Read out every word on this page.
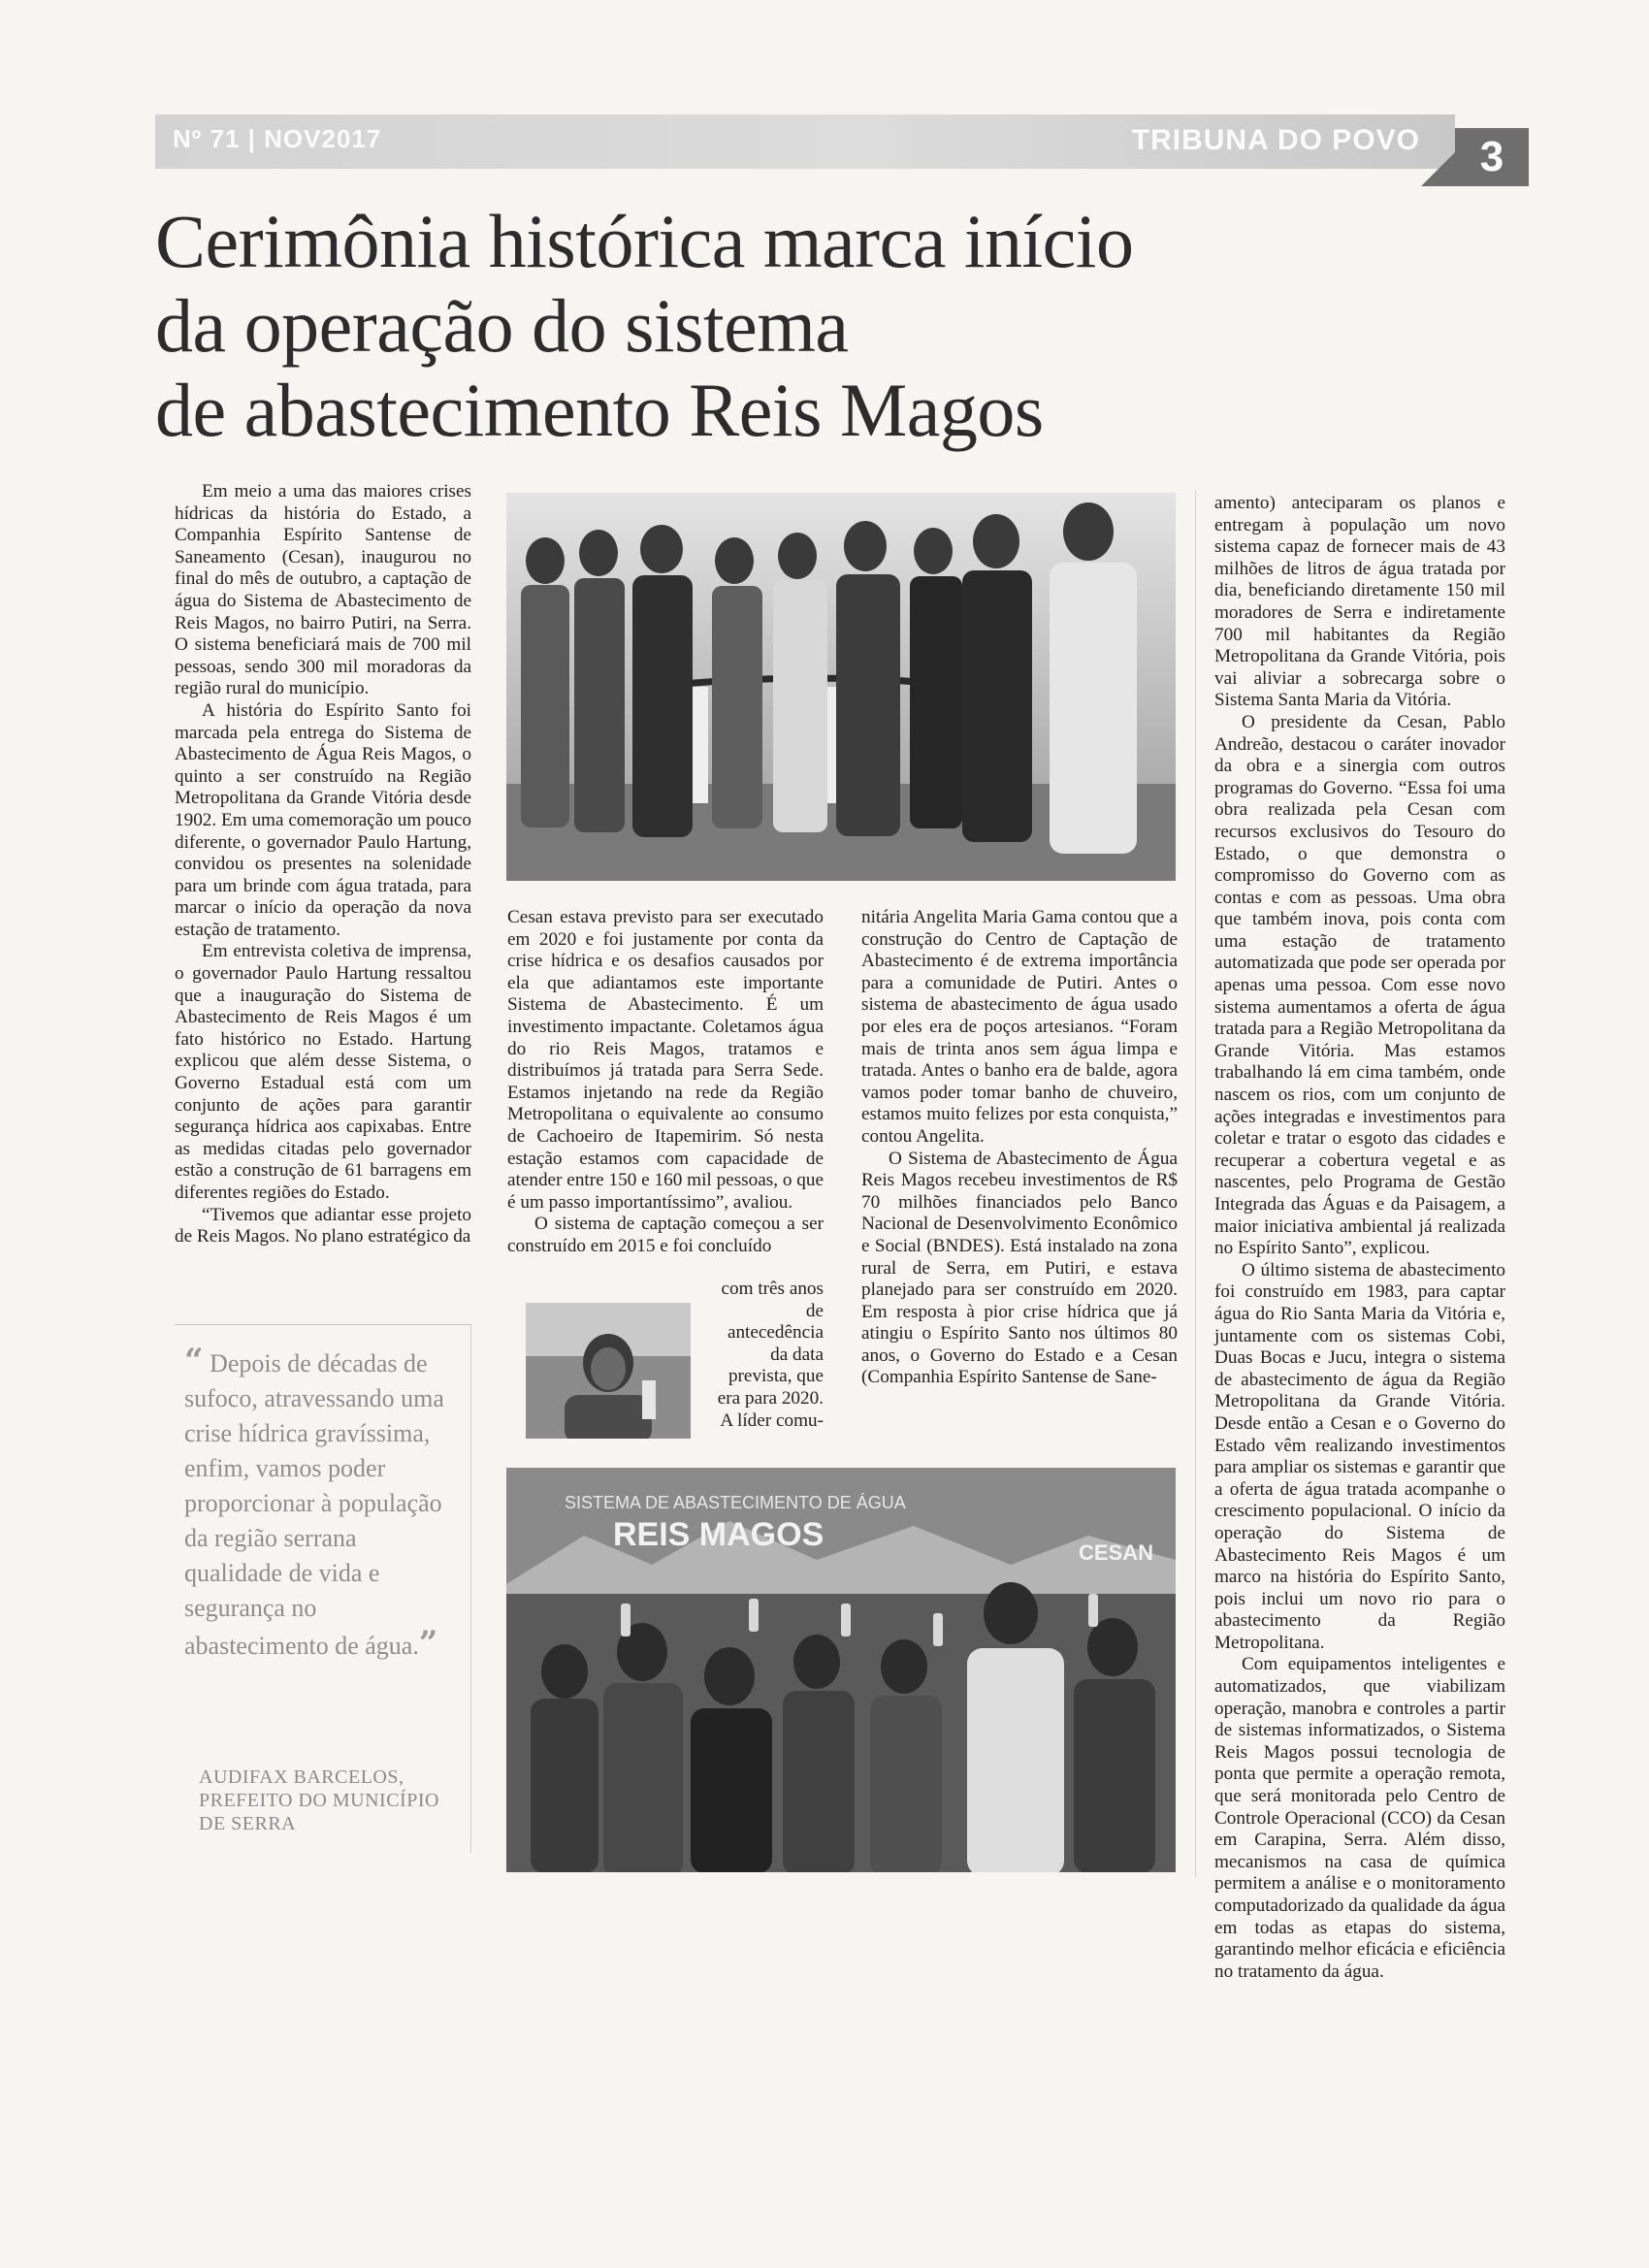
Nº 71 | NOV2017	TRIBUNA DO POVO	3
Cerimônia histórica marca início
da operação do sistema
de abastecimento Reis Magos

Em meio a uma das maiores crises hídricas da história do Estado, a Companhia Espírito Santense de Saneamento (Cesan), inaugurou no final do mês de outubro, a captação de água do Sistema de Abastecimento de Reis Magos, no bairro Putiri, na Serra. O sistema beneficiará mais de 700 mil pessoas, sendo 300 mil moradoras da região rural do município.

A história do Espírito Santo foi marcada pela entrega do Sistema de Abastecimento de Água Reis Magos, o quinto a ser construído na Região Metropolitana da Grande Vitória desde 1902. Em uma comemoração um pouco diferente, o governador Paulo Hartung, convidou os presentes na solenidade para um brinde com água tratada, para marcar o início da operação da nova estação de tratamento.

Em entrevista coletiva de imprensa, o governador Paulo Hartung ressaltou que a inauguração do Sistema de Abastecimento de Reis Magos é um fato histórico no Estado. Hartung explicou que além desse Sistema, o Governo Estadual está com um conjunto de ações para garantir segurança hídrica aos capixabas. Entre as medidas citadas pelo governador estão a construção de 61 barragens em diferentes regiões do Estado.

“Tivemos que adiantar esse projeto de Reis Magos. No plano estratégico da

“ Depois de décadas de sufoco, atravessando uma crise hídrica gravíssima, enfim, vamos poder proporcionar à população da região serrana qualidade de vida e segurança no abastecimento de água.”
AUDIFAX BARCELOS,
PREFEITO DO MUNICÍPIO
DE SERRA

Cesan estava previsto para ser executado em 2020 e foi justamente por conta da crise hídrica e os desafios causados por ela que adiantamos este importante Sistema de Abastecimento. É um investimento impactante. Coletamos água do rio Reis Magos, tratamos e distribuímos já tratada para Serra Sede. Estamos injetando na rede da Região Metropolitana o equivalente ao consumo de Cachoeiro de Itapemirim. Só nesta estação estamos com capacidade de atender entre 150 e 160 mil pessoas, o que é um passo importantíssimo”, avaliou.

O sistema de captação começou a ser construído em 2015 e foi concluído

com três anos de antecedência da data prevista, que era para 2020. A líder comu-

nitária Angelita Maria Gama contou que a construção do Centro de Captação de Abastecimento é de extrema importância para a comunidade de Putiri. Antes o sistema de abastecimento de água usado por eles era de poços artesianos. “Foram mais de trinta anos sem água limpa e tratada. Antes o banho era de balde, agora vamos poder tomar banho de chuveiro, estamos muito felizes por esta conquista,” contou Angelita.

O Sistema de Abastecimento de Água Reis Magos recebeu investimentos de R$ 70 milhões financiados pelo Banco Nacional de Desenvolvimento Econômico e Social (BNDES). Está instalado na zona rural de Serra, em Putiri, e estava planejado para ser construído em 2020. Em resposta à pior crise hídrica que já atingiu o Espírito Santo nos últimos 80 anos, o Governo do Estado e a Cesan (Companhia Espírito Santense de Sane-

amento) anteciparam os planos e entregam à população um novo sistema capaz de fornecer mais de 43 milhões de litros de água tratada por dia, beneficiando diretamente 150 mil moradores de Serra e indiretamente 700 mil habitantes da Região Metropolitana da Grande Vitória, pois vai aliviar a sobrecarga sobre o Sistema Santa Maria da Vitória.

O presidente da Cesan, Pablo Andreão, destacou o caráter inovador da obra e a sinergia com outros programas do Governo. “Essa foi uma obra realizada pela Cesan com recursos exclusivos do Tesouro do Estado, o que demonstra o compromisso do Governo com as contas e com as pessoas. Uma obra que também inova, pois conta com uma estação de tratamento automatizada que pode ser operada por apenas uma pessoa. Com esse novo sistema aumentamos a oferta de água tratada para a Região Metropolitana da Grande Vitória. Mas estamos trabalhando lá em cima também, onde nascem os rios, com um conjunto de ações integradas e investimentos para coletar e tratar o esgoto das cidades e recuperar a cobertura vegetal e as nascentes, pelo Programa de Gestão Integrada das Águas e da Paisagem, a maior iniciativa ambiental já realizada no Espírito Santo”, explicou.

O último sistema de abastecimento foi construído em 1983, para captar água do Rio Santa Maria da Vitória e, juntamente com os sistemas Cobi, Duas Bocas e Jucu, integra o sistema de abastecimento de água da Região Metropolitana da Grande Vitória. Desde então a Cesan e o Governo do Estado vêm realizando investimentos para ampliar os sistemas e garantir que a oferta de água tratada acompanhe o crescimento populacional. O início da operação do Sistema de Abastecimento Reis Magos é um marco na história do Espírito Santo, pois inclui um novo rio para o abastecimento da Região Metropolitana.

Com equipamentos inteligentes e automatizados, que viabilizam operação, manobra e controles a partir de sistemas informatizados, o Sistema Reis Magos possui tecnologia de ponta que permite a operação remota, que será monitorada pelo Centro de Controle Operacional (CCO) da Cesan em Carapina, Serra. Além disso, mecanismos na casa de química permitem a análise e o monitoramento computadorizado da qualidade da água em todas as etapas do sistema, garantindo melhor eficácia e eficiência no tratamento da água.

SISTEMA DE ABASTECIMENTO DE ÁGUA
REIS MAGOS	CESAN
